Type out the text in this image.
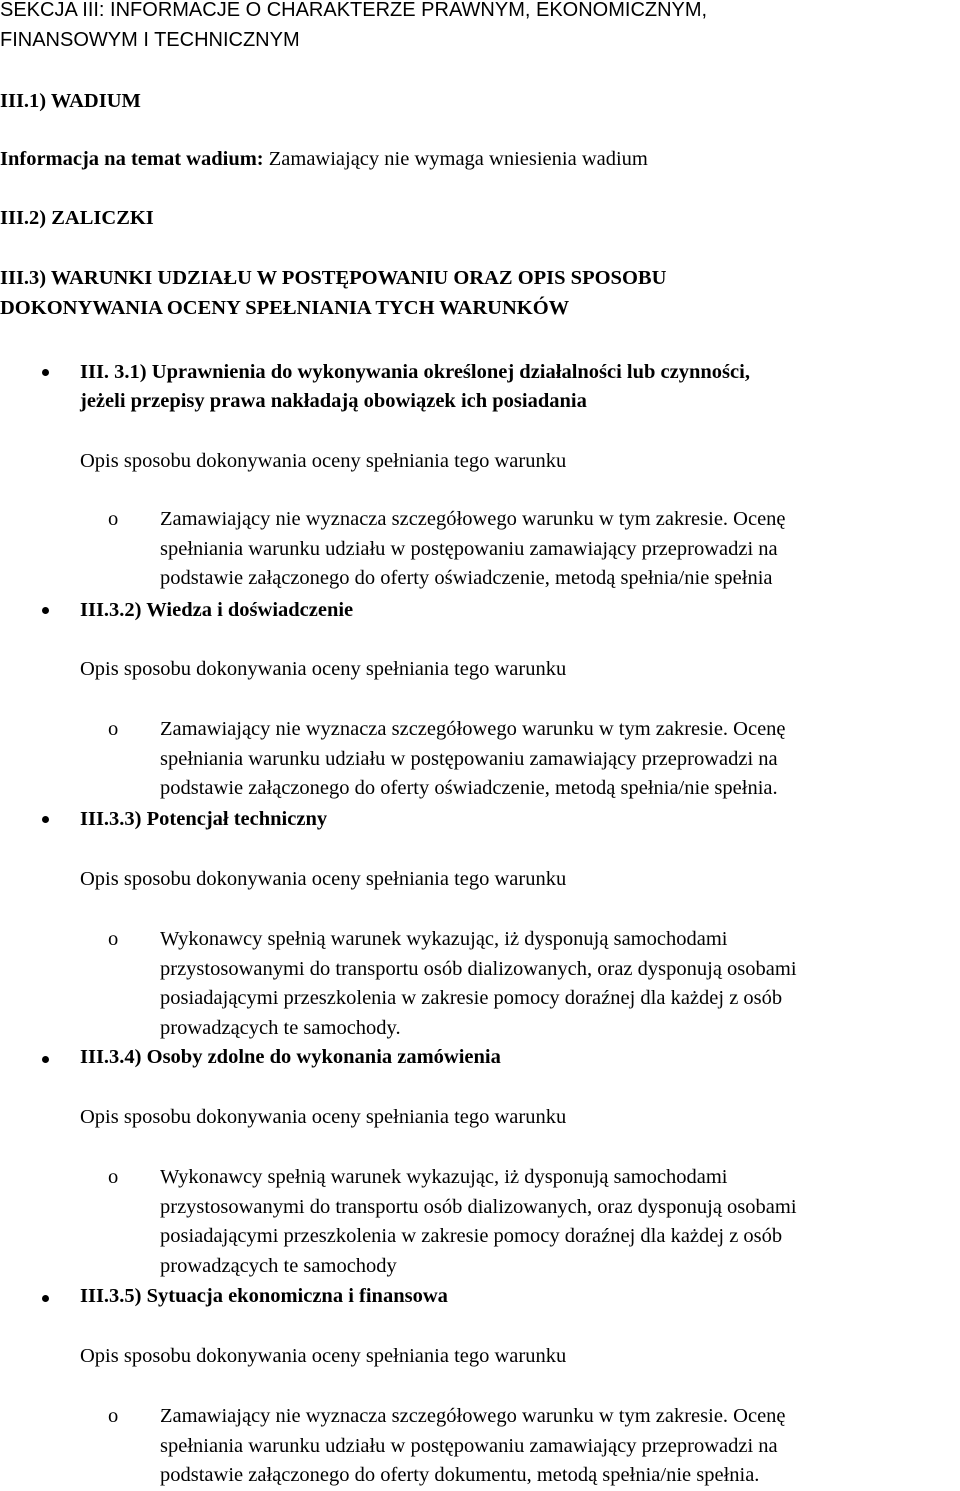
SEKCJA III: INFORMACJE O CHARAKTERZE PRAWNYM, EKONOMICZNYM,
FINANSOWYM I TECHNICZNYM
III.1) WADIUM
Informacja na temat wadium: Zamawiający nie wymaga wniesienia wadium
III.2) ZALICZKI
III.3) WARUNKI UDZIAŁU W POSTĘPOWANIU ORAZ OPIS SPOSOBU
DOKONYWANIA OCENY SPEŁNIANIA TYCH WARUNKÓW
III. 3.1) Uprawnienia do wykonywania określonej działalności lub czynności,
jeżeli przepisy prawa nakładają obowiązek ich posiadania
Opis sposobu dokonywania oceny spełniania tego warunku
o Zamawiający nie wyznacza szczegółowego warunku w tym zakresie. Ocenę
spełniania warunku udziału w postępowaniu zamawiający przeprowadzi na
podstawie załączonego do oferty oświadczenie, metodą spełnia/nie spełnia
III.3.2) Wiedza i doświadczenie
Opis sposobu dokonywania oceny spełniania tego warunku
o Zamawiający nie wyznacza szczegółowego warunku w tym zakresie. Ocenę
spełniania warunku udziału w postępowaniu zamawiający przeprowadzi na
podstawie załączonego do oferty oświadczenie, metodą spełnia/nie spełnia.
III.3.3) Potencjał techniczny
Opis sposobu dokonywania oceny spełniania tego warunku
o Wykonawcy spełnią warunek wykazując, iż dysponują samochodami
przystosowanymi do transportu osób dializowanych, oraz dysponują osobami
posiadającymi przeszkolenia w zakresie pomocy doraźnej dla każdej z osób
prowadzących te samochody.
III.3.4) Osoby zdolne do wykonania zamówienia
Opis sposobu dokonywania oceny spełniania tego warunku
o Wykonawcy spełnią warunek wykazując, iż dysponują samochodami
przystosowanymi do transportu osób dializowanych, oraz dysponują osobami
posiadającymi przeszkolenia w zakresie pomocy doraźnej dla każdej z osób
prowadzących te samochody
III.3.5) Sytuacja ekonomiczna i finansowa
Opis sposobu dokonywania oceny spełniania tego warunku
o Zamawiający nie wyznacza szczegółowego warunku w tym zakresie. Ocenę
spełniania warunku udziału w postępowaniu zamawiający przeprowadzi na
podstawie załączonego do oferty dokumentu, metodą spełnia/nie spełnia.
